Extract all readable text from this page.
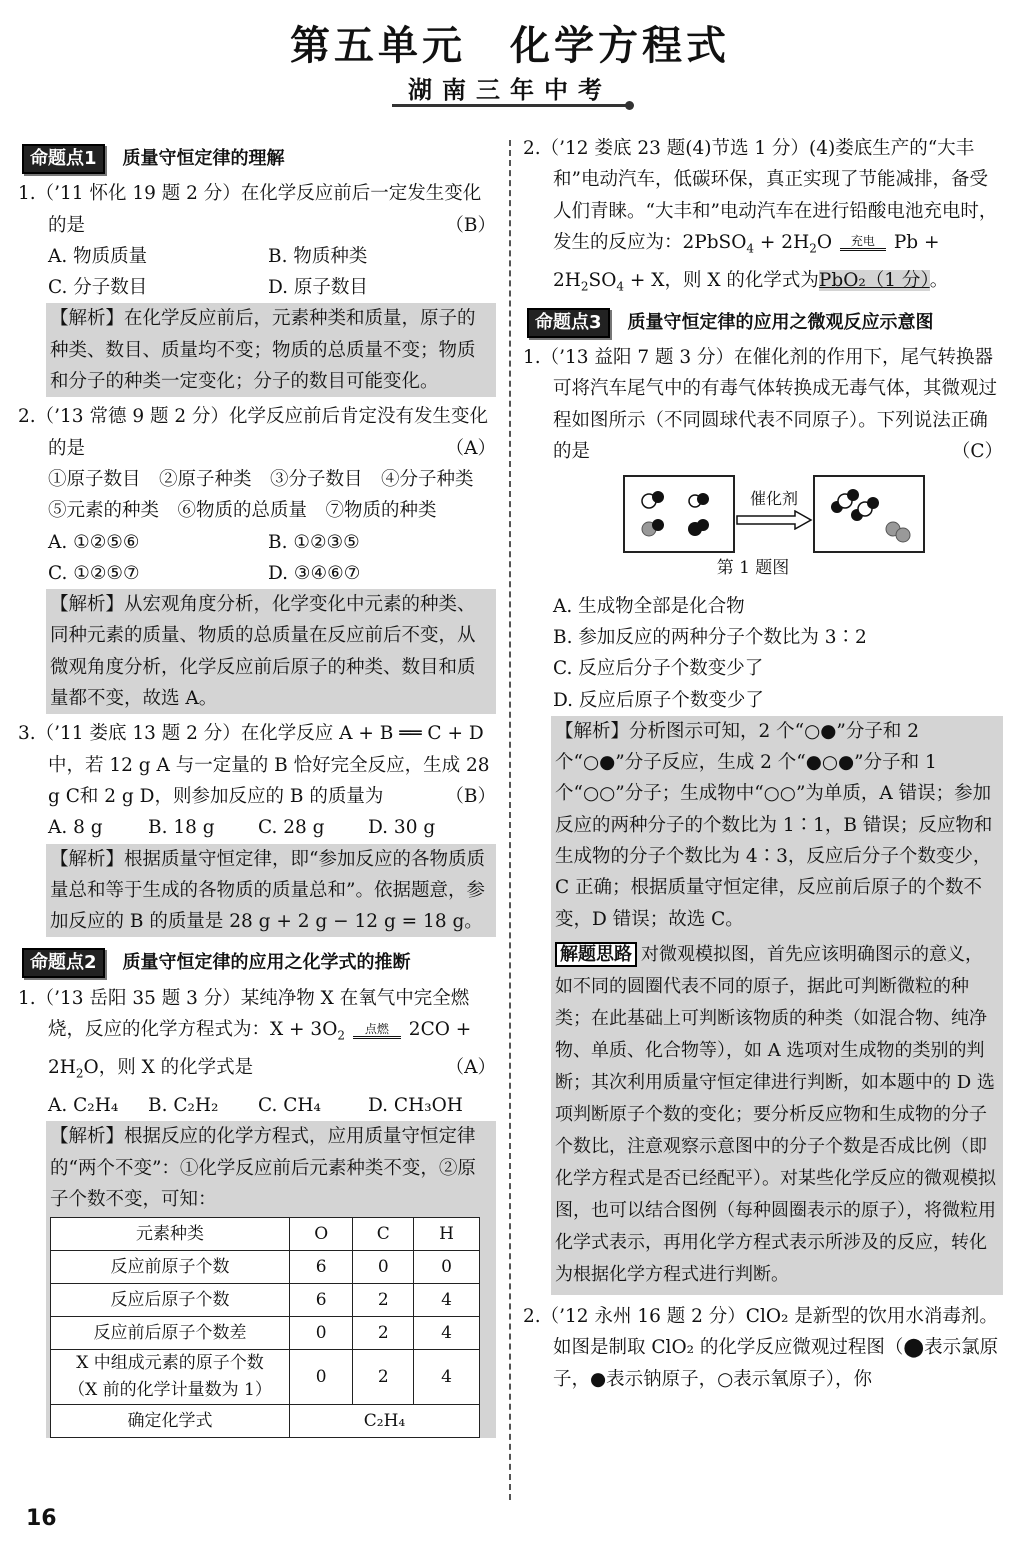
第五单元　化学方程式
湖南三年中考
命题点1	质量守恒定律的理解
1.（’11 怀化 19 题 2 分）在化学反应前后一定发生变化的是	（B）
A. 物质质量	B. 物质种类
C. 分子数目	D. 原子数目
【解析】在化学反应前后，元素种类和质量，原子的种类、数目、质量均不变；物质的总质量不变；物质和分子的种类一定变化；分子的数目可能变化。
2.（’13 常德 9 题 2 分）化学反应前后肯定没有发生变化的是	（A）
①原子数目　②原子种类　③分子数目　④分子种类　⑤元素的种类　⑥物质的总质量　⑦物质的种类
A. ①②⑤⑥	B. ①②③⑤
C. ①②⑤⑦	D. ③④⑥⑦
【解析】从宏观角度分析，化学变化中元素的种类、同种元素的质量、物质的总质量在反应前后不变，从微观角度分析，化学反应前后原子的种类、数目和质量都不变，故选 A。
3.（’11 娄底 13 题 2 分）在化学反应 A + B ══ C + D 中，若 12 g A 与一定量的 B 恰好完全反应，生成 28 g C和 2 g D，则参加反应的 B 的质量为	（B）
A. 8 g	B. 18 g	C. 28 g	D. 30 g
【解析】根据质量守恒定律，即“参加反应的各物质质量总和等于生成的各物质的质量总和”。依据题意，参加反应的 B 的质量是 28 g + 2 g − 12 g = 18 g。
命题点2	质量守恒定律的应用之化学式的推断
1.（’13 岳阳 35 题 3 分）某纯净物 X 在氧气中完全燃烧，反应的化学方程式为：$X + 3O_2$
点燃	$2CO + 2H_2O$，则 X 的化学式是	（A）
A. C₂H₄	B. C₂H₂	C. CH₄	D. CH₃OH
【解析】根据反应的化学方程式，应用质量守恒定律的“两个不变”：①化学反应前后元素种类不变，②原子个数不变，可知：
元素种类	O	C	H
反应前原子个数	6	0	0
反应后原子个数	6	2	4
反应前后原子个数差	0	2	4

X 中组成元素的原子个数
（X 前的化学计量数为 1）	0	2	4
确定化学式	C₂H₄		
2.（’12 娄底 23 题(4)节选 1 分）(4)娄底生产的“大丰和”电动汽车，低碳环保，真正实现了节能减排，备受人们青睐。“大丰和”电动汽车在进行铅酸电池充电时，发生的反应为：2PbSO$_4$ + $2H_2O$	充电	$Pb + 2H_2SO_4 + X$，则 X 的化学式为PbO₂（1 分）。
命题点3	质量守恒定律的应用之微观反应示意图
1.（’13 益阳 7 题 3 分）在催化剂的作用下，尾气转换器可将汽车尾气中的有毒气体转换成无毒气体，其微观过程如图所示（不同圆球代表不同原子）。下列说法正确的是	（C）
催化剂
第 1 题图
A. 生成物全部是化合物
B. 参加反应的两种分子个数比为 3∶2
C. 反应后分子个数变少了
D. 反应后原子个数变少了
【解析】分析图示可知，2 个“○●”分子和 2 个“○●”分子反应，生成 2 个“●○●”分子和 1 个“○○”分子；生成物中“○○”为单质，A 错误；参加反应的两种分子的个数比为 1∶1，B 错误；反应物和生成物的分子个数比为 4∶3，反应后分子个数变少，C 正确；根据质量守恒定律，反应前后原子的个数不变，D 错误；故选 C。
解题思路 对微观模拟图，首先应该明确图示的意义，如不同的圆圈代表不同的原子，据此可判断微粒的种类；在此基础上可判断该物质的种类（如混合物、纯净物、单质、化合物等），如 A 选项对生成物的类别的判断；其次利用质量守恒定律进行判断，如本题中的 D 选项判断原子个数的变化；要分析反应物和生成物的分子个数比，注意观察示意图中的分子个数是否成比例（即化学方程式是否已经配平）。对某些化学反应的微观模拟图，也可以结合图例（每种圆圈表示的原子），将微粒用化学式表示，再用化学方程式表示所涉及的反应，转化为根据化学方程式进行判断。
2.（’12 永州 16 题 2 分）ClO₂ 是新型的饮用水消毒剂。如图是制取 ClO₂ 的化学反应微观过程图（⬤表示氯原子，●表示钠原子，○表示氧原子），你
16
